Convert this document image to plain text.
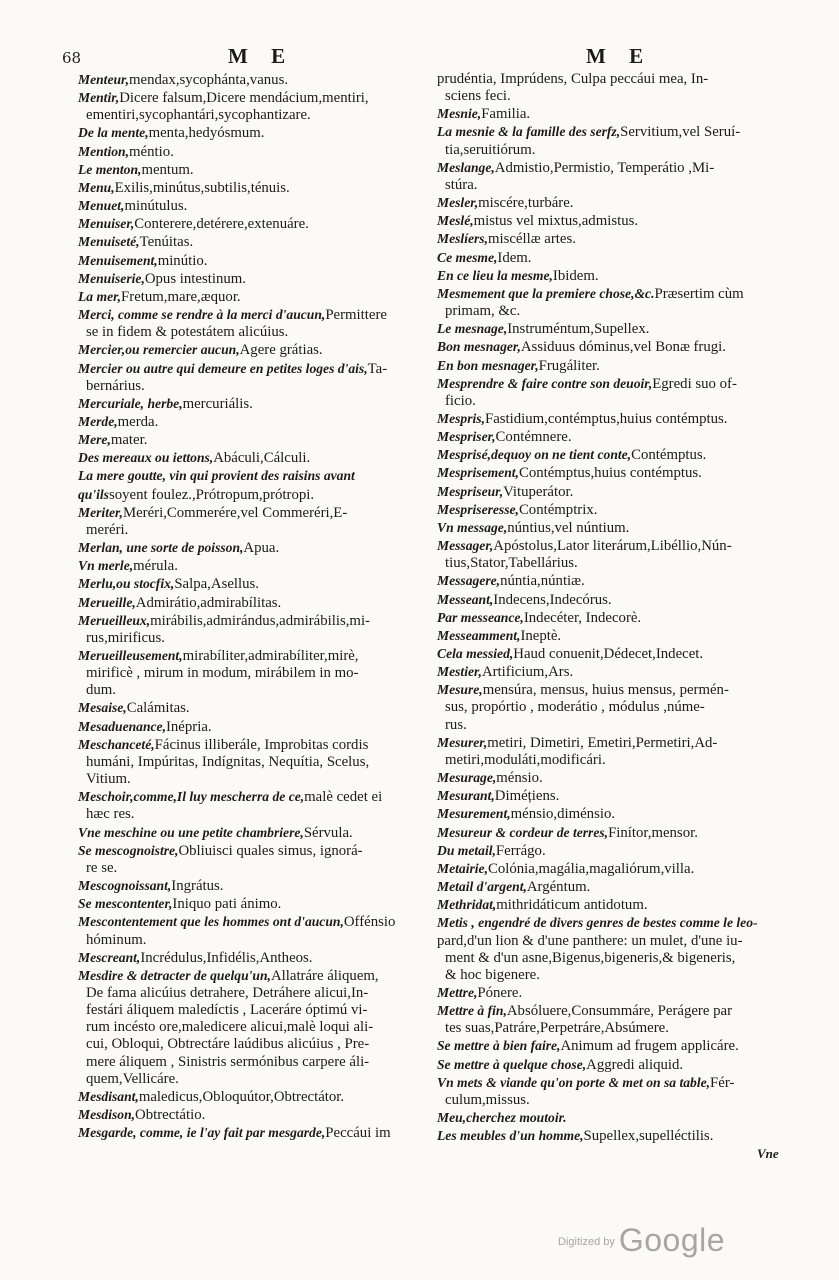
68	M E	M E
Menteur,mendax,sycophánta,vanus.
Mentir,Dicere falsum,Dicere mendácium,mentiri,
ementiri,sycophantári,sycophantizare.
De la mente,menta,hedyósmum.
Mention,méntio.
Le menton,mentum.
Menu,Exilis,minútus,subtilis,ténuis.
Menuet,minútulus.
Menuiser,Conterere,detérere,extenuáre.
Menuiseté,Tenúitas.
Menuisement,minútio.
Menuiserie,Opus intestinum.
La mer,Fretum,mare,æquor.
Merci, comme se rendre à la merci d'aucun,Permittere
se in fidem & potestátem alicúius.
Mercier,ou remercier aucun,Agere grátias.
Mercier ou autre qui demeure en petites loges d'ais,Ta-
bernárius.
Mercuriale, herbe,mercuriális.
Merde,merda.
Mere,mater.
Des mereaux ou iettons,Abáculi,Cálculi.
La mere goutte, vin qui provient des raisins avant qu'ilssoyent foulez.,Prótropum,prótropi.
Meriter,Meréri,Commerére,vel Commeréri,E-
meréri.
Merlan, une sorte de poisson,Apua.
Vn merle,mérula.
Merlu,ou stocfix,Salpa,Asellus.
Merueille,Admirátio,admirabílitas.
Merueilleux,mirábilis,admirándus,admirábilis,mi-
rus,mirificus.
Merueilleusement,mirabíliter,admirabíliter,mirè,
mirificè , mirum in modum, mirábilem in mo-
dum.
Mesaise,Calámitas.
Mesaduenance,Inépria.
Meschanceté,Fácinus illiberále, Improbitas cordis
humáni, Impúritas, Indígnitas, Nequítia, Scelus,
Vitium.
Meschoir,comme,Il luy mescherra de ce,malè cedet ei
hæc res.
Vne meschine ou une petite chambriere,Sérvula.
Se mescognoistre,Obliuisci quales simus, ignorá-
re se.
Mescognoissant,Ingrátus.
Se mescontenter,Iniquo pati ánimo.
Mescontentement que les hommes ont d'aucun,Offénsio
hóminum.
Mescreant,Incrédulus,Infidélis,Antheos.
Mesdire & detracter de quelqu'un,Allatráre áliquem,
De fama alicúius detrahere, Detráhere alicui,In-
festári áliquem maledíctis , Laceráre óptimú vi-
rum incésto ore,maledicere alicui,malè loqui ali-
cui, Obloqui, Obtrectáre laúdibus alicúius , Pre-
mere áliquem , Sinistris sermónibus carpere áli-
quem,Vellicáre.
Mesdisant,maledicus,Obloquútor,Obtrectátor.
Mesdison,Obtrectátio.
Mesgarde, comme, ie l'ay fait par mesgarde,Peccáui im
prudéntia, Imprúdens, Culpa peccáui mea, In-
sciens feci.
Mesnie,Familia.
La mesnie & la famille des serfz,Servitium,vel Seruí-
tia,seruitiórum.
Meslange,Admistio,Permistio, Temperátio ,Mi-
stúra.
Mesler,miscére,turbáre.
Meslé,mistus vel mixtus,admistus.
Meslíers,miscéllæ artes.
Ce mesme,Idem.
En ce lieu la mesme,Ibidem.
Mesmement que la premiere chose,&c.Præsertim cùm
primam, &c.
Le mesnage,Instruméntum,Supellex.
Bon mesnager,Assiduus dóminus,vel Bonæ frugi.
En bon mesnager,Frugáliter.
Mesprendre & faire contre son deuoir,Egredi suo of-
ficio.
Mespris,Fastidium,contémptus,huius contémptus.
Mespriser,Contémnere.
Mesprisé,dequoy on ne tient conte,Contémptus.
Mesprisement,Contémptus,huius contémptus.
Mespriseur,Vituperátor.
Mespriseresse,Contémptrix.
Vn message,núntius,vel núntium.
Messager,Apóstolus,Lator literárum,Libéllio,Nún-
tius,Stator,Tabellárius.
Messagere,núntia,núntiæ.
Messeant,Indecens,Indecórus.
Par messeance,Indecéter, Indecorè.
Messeamment,Ineptè.
Cela messied,Haud conuenit,Dédecet,Indecet.
Mestier,Artificium,Ars.
Mesure,mensúra, mensus, huius mensus, permén-
sus, propórtio , moderátio , módulus ,núme-
rus.
Mesurer,metiri, Dimetiri, Emetiri,Permetiri,Ad-
metiri,moduláti,modificári.
Mesurage,ménsio.
Mesurant,Diméțiens.
Mesurement,ménsio,diménsio.
Mesureur & cordeur de terres,Finítor,mensor.
Du metail,Ferrágo.
Metairie,Colónia,magália,magaliórum,villa.
Metail d'argent,Argéntum.
Methridat,mithridáticum antidotum.
Metis , engendré de divers genres de bestes comme le leo-pard,d'un lion & d'une panthere: un mulet, d'une iu-
ment & d'un asne,Bigenus,bigeneris,& bigeneris,
& hoc bigenere.
Mettre,Pónere.
Mettre à fin,Absóluere,Consummáre, Perágere par
tes suas,Patráre,Perpetráre,Absúmere.
Se mettre à bien faire,Animum ad frugem applicáre.
Se mettre à quelque chose,Aggredi aliquid.
Vn mets & viande qu'on porte & met on sa table,Fér-
culum,missus.
Meu,cherchez moutoir.
Les meubles d'un homme,Supellex,supelléctilis.
Vne
$^{Digitized by}$ Google
